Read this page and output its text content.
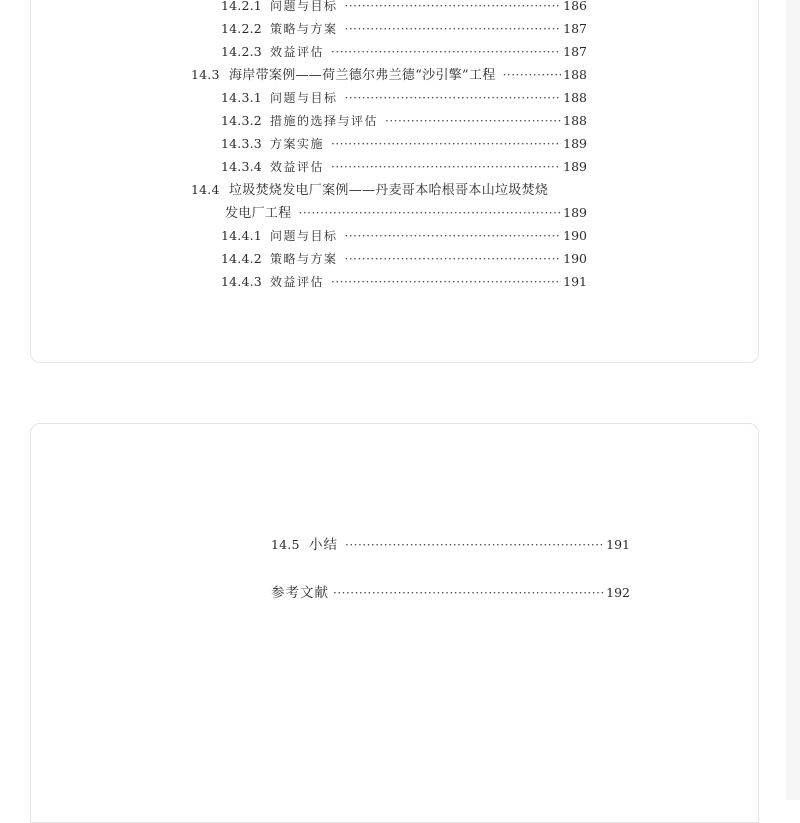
14.2.1 问题与目标 ·····	186
14.2.2 策略与方案 ·····	187
14.2.3 效益评估 ·····	187
14.3 海岸带案例——荷兰德尔弗兰德“沙引擎”工程 ·····	188
14.3.1 问题与目标 ·····	188
14.3.2 措施的选择与评估 ·····	188
14.3.3 方案实施 ·····	189
14.3.4 效益评估 ·····	189
14.4 垃圾焚烧发电厂案例——丹麦哥本哈根哥本山垃圾焚烧
发电厂工程 ·····	189
14.4.1 问题与目标 ·····	190
14.4.2 策略与方案 ·····	190
14.4.3 效益评估 ·····	191
14.5 小结 ·····	191
参考文献 ·····	192
